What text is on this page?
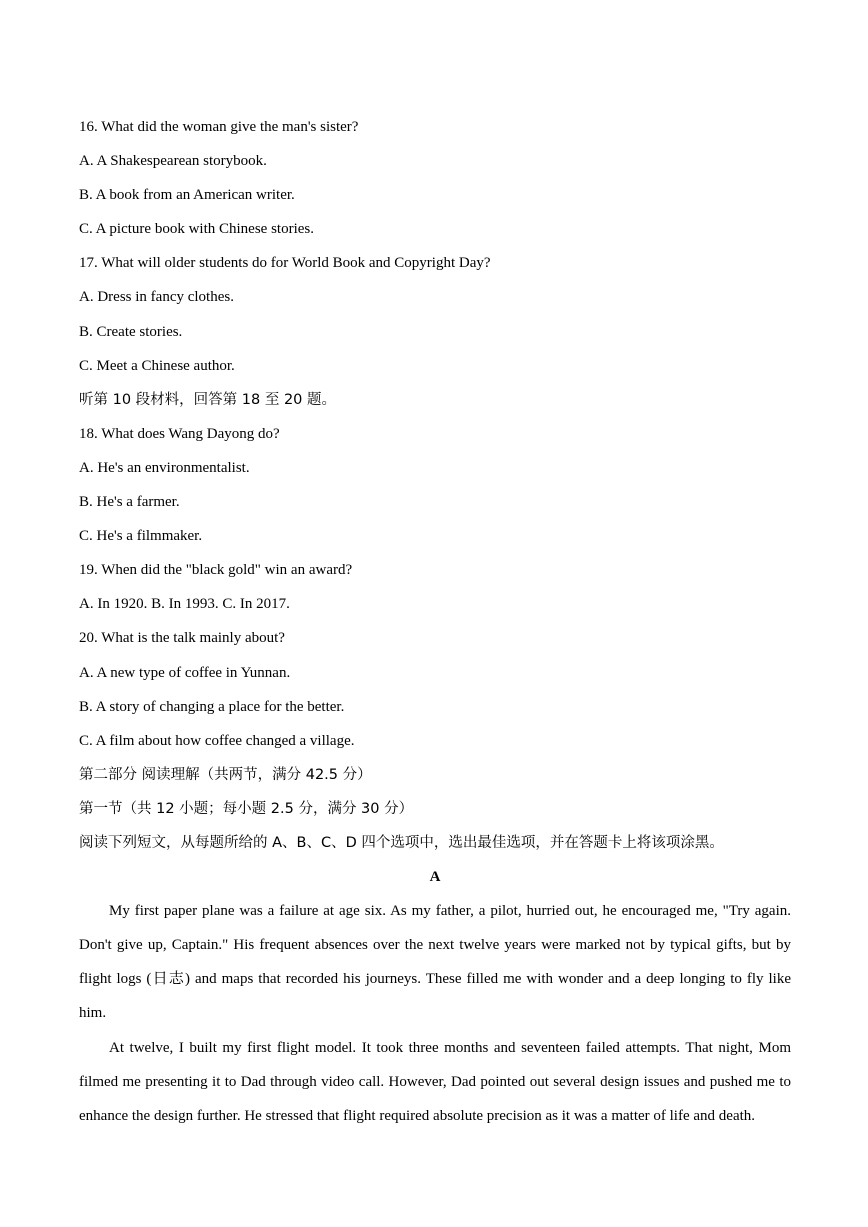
16. What did the woman give the man's sister?
A. A Shakespearean storybook.
B. A book from an American writer.
C. A picture book with Chinese stories.
17. What will older students do for World Book and Copyright Day?
A. Dress in fancy clothes.
B. Create stories.
C. Meet a Chinese author.
听第 10 段材料，回答第 18 至 20 题。
18. What does Wang Dayong do?
A. He's an environmentalist.
B. He's a farmer.
C. He's a filmmaker.
19. When did the "black gold" win an award?
A. In 1920. B. In 1993. C. In 2017.
20. What is the talk mainly about?
A. A new type of coffee in Yunnan.
B. A story of changing a place for the better.
C. A film about how coffee changed a village.
第二部分 阅读理解（共两节，满分 42.5 分）
第一节（共 12 小题；每小题 2.5 分，满分 30 分）
阅读下列短文，从每题所给的 A、B、C、D 四个选项中，选出最佳选项，并在答题卡上将该项涂黑。
A

My first paper plane was a failure at age six. As my father, a pilot, hurried out, he encouraged me, "Try again. Don't give up, Captain." His frequent absences over the next twelve years were marked not by typical gifts, but by flight logs (日志) and maps that recorded his journeys. These filled me with wonder and a deep longing to fly like him.

At twelve, I built my first flight model. It took three months and seventeen failed attempts. That night, Mom filmed me presenting it to Dad through video call. However, Dad pointed out several design issues and pushed me to enhance the design further. He stressed that flight required absolute precision as it was a matter of life and death.
